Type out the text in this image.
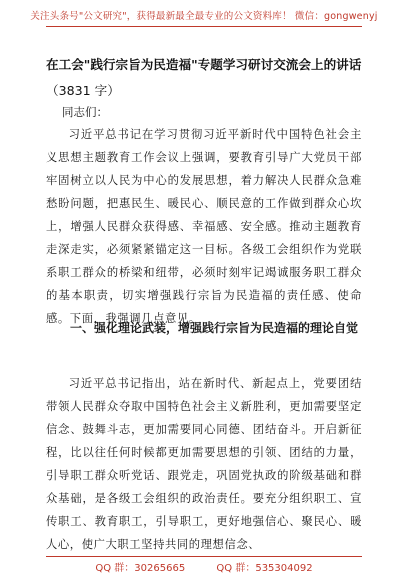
关注头条号"公文研究"，获得最新最全最专业的公文资料库！ 微信：gongwenyj
在工会"践行宗旨为民造福"专题学习研讨交流会上的讲话
（3831 字）
同志们：
习近平总书记在学习贯彻习近平新时代中国特色社会主义思想主题教育工作会议上强调，要教育引导广大党员干部牢固树立以人民为中心的发展思想，着力解决人民群众急难愁盼问题，把惠民生、暖民心、顺民意的工作做到群众心坎上，增强人民群众获得感、幸福感、安全感。推动主题教育走深走实，必须紧紧锚定这一目标。各级工会组织作为党联系职工群众的桥梁和纽带，必须时刻牢记竭诚服务职工群众的基本职责，切实增强践行宗旨为民造福的责任感、使命感。下面，我强调几点意见。
一、强化理论武装，增强践行宗旨为民造福的理论自觉
习近平总书记指出，站在新时代、新起点上，党要团结带领人民群众夺取中国特色社会主义新胜利，更加需要坚定信念、鼓舞斗志，更加需要同心同德、团结奋斗。开启新征程，比以往任何时候都更加需要思想的引领、团结的力量，引导职工群众听党话、跟党走，巩固党执政的阶级基础和群众基础，是各级工会组织的政治责任。要充分组织职工、宣传职工、教育职工，引导职工，更好地强信心、聚民心、暖人心，使广大职工坚持共同的理想信念、
QQ 群：30265665	QQ 群：535304092
